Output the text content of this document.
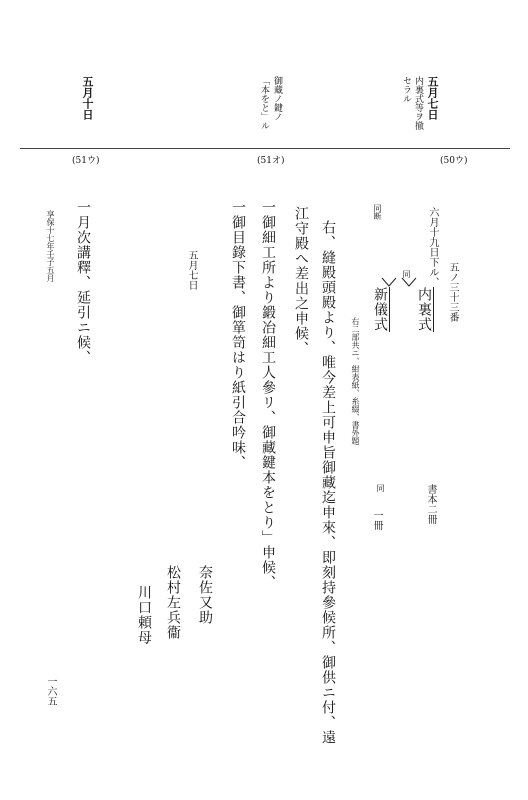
五月七日
内裏式等ヲ撤
セラル
御藏ノ鍵ノ
「本をと」ル
五月十日
(51ウ)	(51オ)	(50ウ)
五ノ三十三番
六月十九日下ル、
内裏式
書本二冊
同
同断
新儀式
同
一冊
右二部共ニ、紺表紙、糸綴、書外題
右、縫殿頭殿より、唯今差上可申旨御藏迄申來、即刻持參候所、御供ニ付、遠
江守殿へ差出之申候、
一御細工所より鍛冶細工人參リ、御藏鍵本をとり」申候、
一御目錄下書、御箪笥はり紙引合吟味、
五月七日
奈佐又助
松村左兵衞
川口頼母
一月次講釋、延引ニ候、
享保十七年壬子五月
一六五
